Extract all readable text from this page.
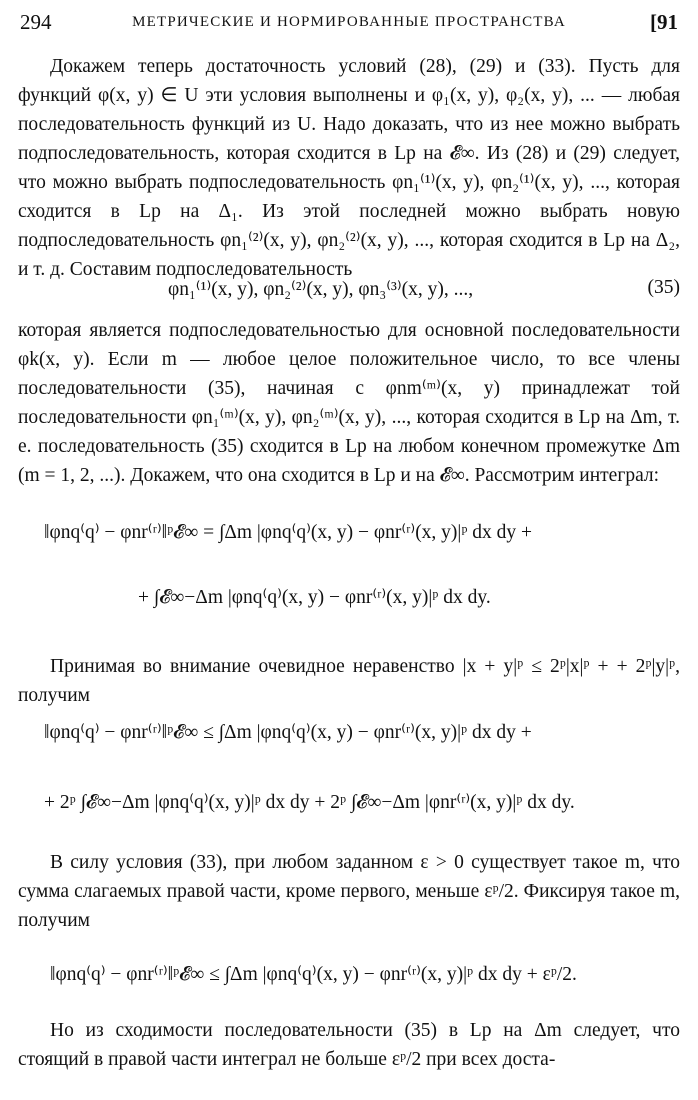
294	МЕТРИЧЕСКИЕ И НОРМИРОВАННЫЕ ПРОСТРАНСТВА	[91

Докажем теперь достаточность условий (28), (29) и (33). Пусть для функций φ(x, y) ∈ U эти условия выполнены и φ₁(x, y), φ₂(x, y), ... — любая последовательность функций из U. Надо доказать, что из нее можно выбрать подпоследовательность, которая сходится в Lp на 𝓔∞. Из (28) и (29) следует, что можно выбрать подпоследовательность φn₁⁽¹⁾(x, y), φn₂⁽¹⁾(x, y), ..., которая сходится в Lp на Δ₁. Из этой последней можно выбрать новую подпоследовательность φn₁⁽²⁾(x, y), φn₂⁽²⁾(x, y), ..., которая сходится в Lp на Δ₂, и т. д. Составим подпоследовательность

φn₁⁽¹⁾(x, y), φn₂⁽²⁾(x, y), φn₃⁽³⁾(x, y), ...,	(35)

которая является подпоследовательностью для основной последовательности φk(x, y). Если m — любое целое положительное число, то все члены последовательности (35), начиная с φnm⁽ᵐ⁾(x, y) принадлежат той последовательности φn₁⁽ᵐ⁾(x, y), φn₂⁽ᵐ⁾(x, y), ..., которая сходится в Lp на Δm, т. е. последовательность (35) сходится в Lp на любом конечном промежутке Δm (m = 1, 2, ...). Докажем, что она сходится в Lp и на 𝓔∞. Рассмотрим интеграл:

‖φnq⁽q⁾ − φnr⁽ʳ⁾‖ᵖ𝓔∞ = ∫Δm |φnq⁽q⁾(x, y) − φnr⁽ʳ⁾(x, y)|ᵖ dx dy +
+ ∫𝓔∞−Δm |φnq⁽q⁾(x, y) − φnr⁽ʳ⁾(x, y)|ᵖ dx dy.

Принимая во внимание очевидное неравенство |x + y|ᵖ ≤ 2ᵖ|x|ᵖ + + 2ᵖ|y|ᵖ, получим

‖φnq⁽q⁾ − φnr⁽ʳ⁾‖ᵖ𝓔∞ ≤ ∫Δm |φnq⁽q⁾(x, y) − φnr⁽ʳ⁾(x, y)|ᵖ dx dy +
+ 2ᵖ ∫𝓔∞−Δm |φnq⁽q⁾(x, y)|ᵖ dx dy + 2ᵖ ∫𝓔∞−Δm |φnr⁽ʳ⁾(x, y)|ᵖ dx dy.

В силу условия (33), при любом заданном ε > 0 существует такое m, что сумма слагаемых правой части, кроме первого, меньше εᵖ/2. Фиксируя такое m, получим

‖φnq⁽q⁾ − φnr⁽ʳ⁾‖ᵖ𝓔∞ ≤ ∫Δm |φnq⁽q⁾(x, y) − φnr⁽ʳ⁾(x, y)|ᵖ dx dy + εᵖ/2.

Но из сходимости последовательности (35) в Lp на Δm следует, что стоящий в правой части интеграл не больше εᵖ/2 при всех доста-
